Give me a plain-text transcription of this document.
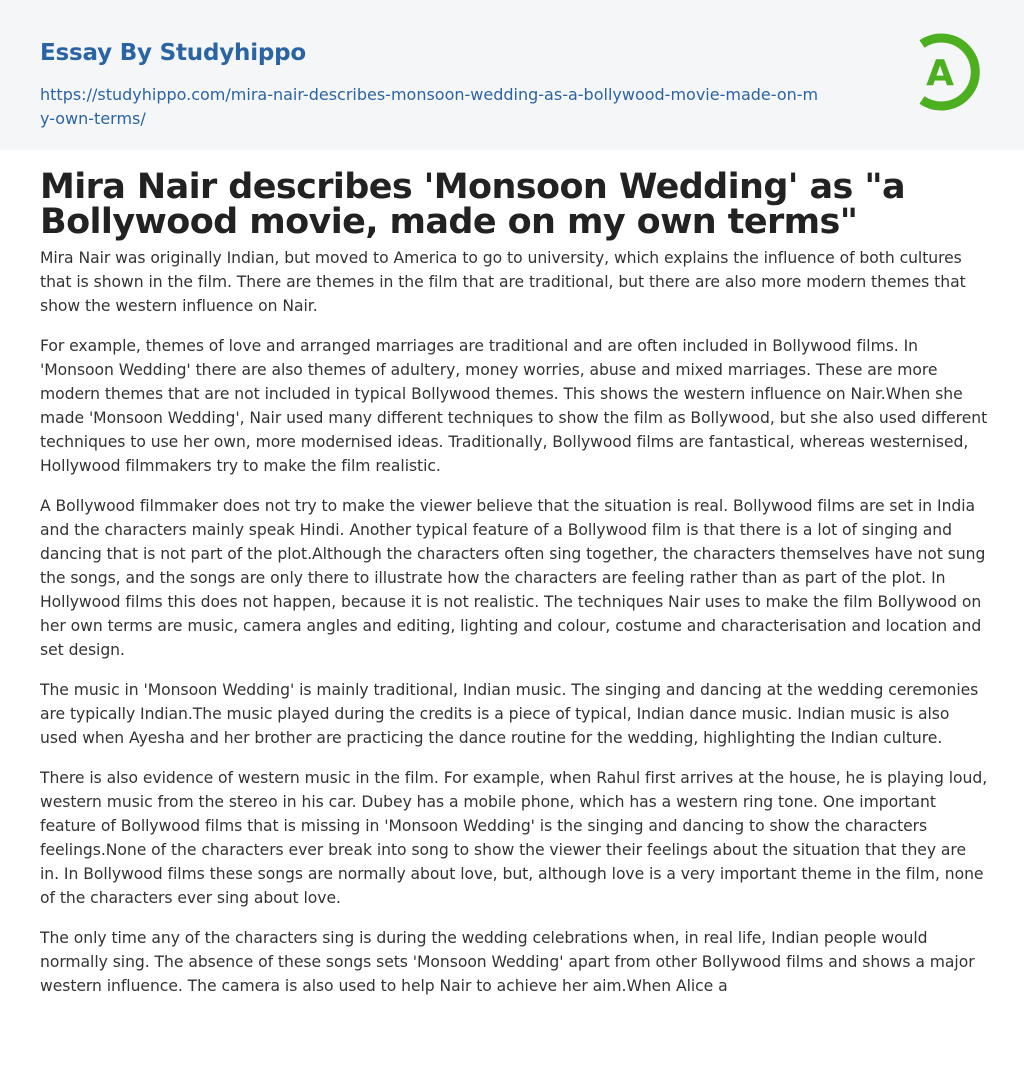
Essay By Studyhippo
https://studyhippo.com/mira-nair-describes-monsoon-wedding-as-a-bollywood-movie-made-on-my-own-terms/
A
Mira Nair describes 'Monsoon Wedding' as "a Bollywood movie, made on my own terms"

Mira Nair was originally Indian, but moved to America to go to university, which explains the influence of both cultures that is shown in the film. There are themes in the film that are traditional, but there are also more modern themes that show the western influence on Nair.

For example, themes of love and arranged marriages are traditional and are often included in Bollywood films. In 'Monsoon Wedding' there are also themes of adultery, money worries, abuse and mixed marriages. These are more modern themes that are not included in typical Bollywood themes. This shows the western influence on Nair.When she made 'Monsoon Wedding', Nair used many different techniques to show the film as Bollywood, but she also used different techniques to use her own, more modernised ideas. Traditionally, Bollywood films are fantastical, whereas westernised, Hollywood filmmakers try to make the film realistic.

A Bollywood filmmaker does not try to make the viewer believe that the situation is real. Bollywood films are set in India and the characters mainly speak Hindi. Another typical feature of a Bollywood film is that there is a lot of singing and dancing that is not part of the plot.Although the characters often sing together, the characters themselves have not sung the songs, and the songs are only there to illustrate how the characters are feeling rather than as part of the plot. In Hollywood films this does not happen, because it is not realistic. The techniques Nair uses to make the film Bollywood on her own terms are music, camera angles and editing, lighting and colour, costume and characterisation and location and set design.

The music in 'Monsoon Wedding' is mainly traditional, Indian music. The singing and dancing at the wedding ceremonies are typically Indian.The music played during the credits is a piece of typical, Indian dance music. Indian music is also used when Ayesha and her brother are practicing the dance routine for the wedding, highlighting the Indian culture.

There is also evidence of western music in the film. For example, when Rahul first arrives at the house, he is playing loud, western music from the stereo in his car. Dubey has a mobile phone, which has a western ring tone. One important feature of Bollywood films that is missing in 'Monsoon Wedding' is the singing and dancing to show the characters feelings.None of the characters ever break into song to show the viewer their feelings about the situation that they are in. In Bollywood films these songs are normally about love, but, although love is a very important theme in the film, none of the characters ever sing about love.

The only time any of the characters sing is during the wedding celebrations when, in real life, Indian people would normally sing. The absence of these songs sets 'Monsoon Wedding' apart from other Bollywood films and shows a major western influence. The camera is also used to help Nair to achieve her aim.When Alice a
